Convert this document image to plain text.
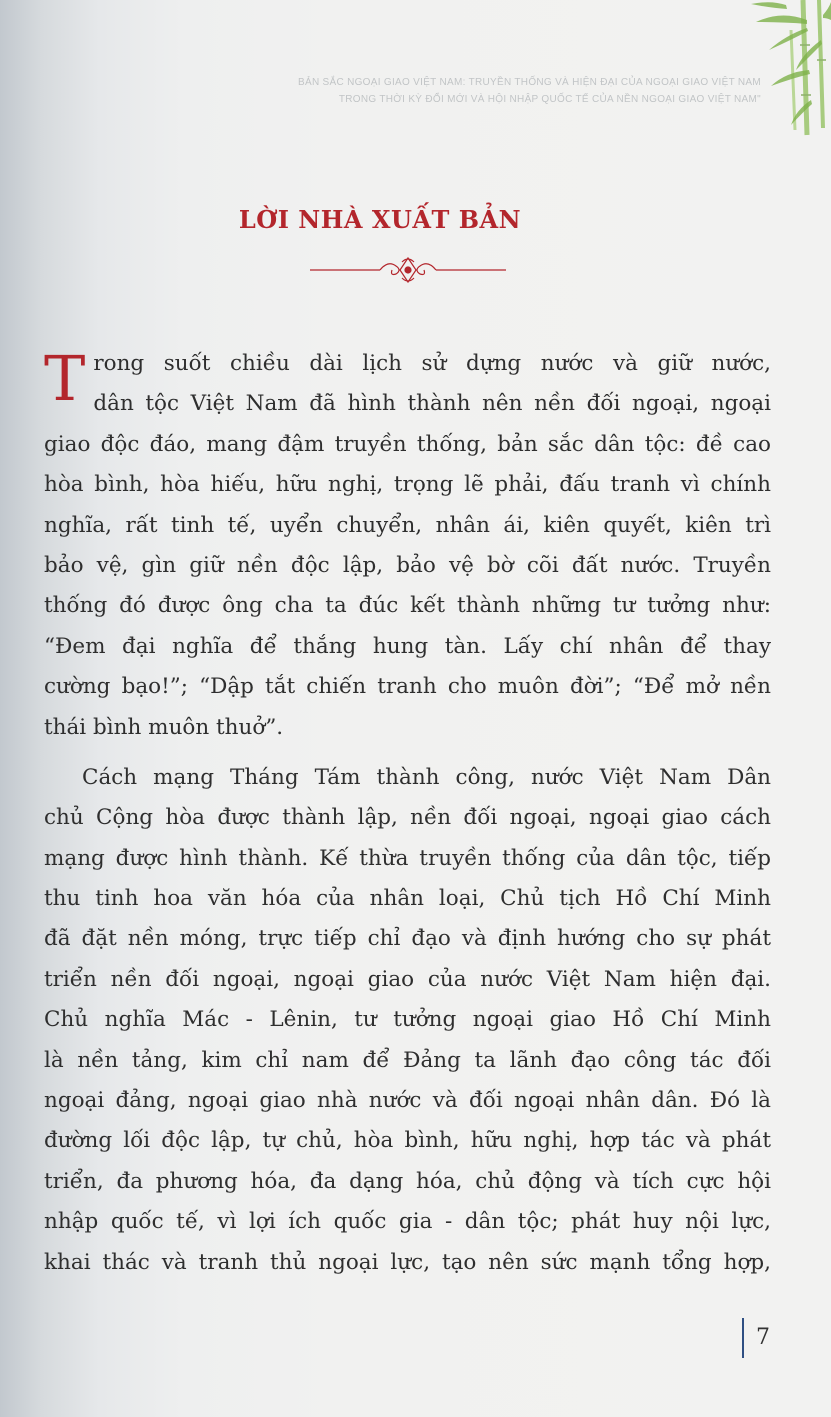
BẢN SẮC NGOẠI GIAO VIỆT NAM: TRUYỀN THỐNG VÀ HIỆN ĐẠI CỦA NGOẠI GIAO VIỆT NAM
TRONG THỜI KỲ ĐỔI MỚI VÀ HỘI NHẬP QUỐC TẾ CỦA NỀN NGOẠI GIAO VIỆT NAM"
LỜI NHÀ XUẤT BẢN

T rong suốt chiều dài lịch sử dựng nước và giữ nước,
dân tộc Việt Nam đã hình thành nên nền đối ngoại, ngoại
giao độc đáo, mang đậm truyền thống, bản sắc dân tộc: đề cao
hòa bình, hòa hiếu, hữu nghị, trọng lẽ phải, đấu tranh vì chính
nghĩa, rất tinh tế, uyển chuyển, nhân ái, kiên quyết, kiên trì
bảo vệ, gìn giữ nền độc lập, bảo vệ bờ cõi đất nước. Truyền
thống đó được ông cha ta đúc kết thành những tư tưởng như:
“Đem đại nghĩa để thắng hung tàn. Lấy chí nhân để thay
cường bạo!”; “Dập tắt chiến tranh cho muôn đời”; “Để mở nền
thái bình muôn thuở”.

Cách mạng Tháng Tám thành công, nước Việt Nam Dân
chủ Cộng hòa được thành lập, nền đối ngoại, ngoại giao cách
mạng được hình thành. Kế thừa truyền thống của dân tộc, tiếp
thu tinh hoa văn hóa của nhân loại, Chủ tịch Hồ Chí Minh
đã đặt nền móng, trực tiếp chỉ đạo và định hướng cho sự phát
triển nền đối ngoại, ngoại giao của nước Việt Nam hiện đại.
Chủ nghĩa Mác - Lênin, tư tưởng ngoại giao Hồ Chí Minh
là nền tảng, kim chỉ nam để Đảng ta lãnh đạo công tác đối
ngoại đảng, ngoại giao nhà nước và đối ngoại nhân dân. Đó là
đường lối độc lập, tự chủ, hòa bình, hữu nghị, hợp tác và phát
triển, đa phương hóa, đa dạng hóa, chủ động và tích cực hội
nhập quốc tế, vì lợi ích quốc gia - dân tộc; phát huy nội lực,
khai thác và tranh thủ ngoại lực, tạo nên sức mạnh tổng hợp,

7
